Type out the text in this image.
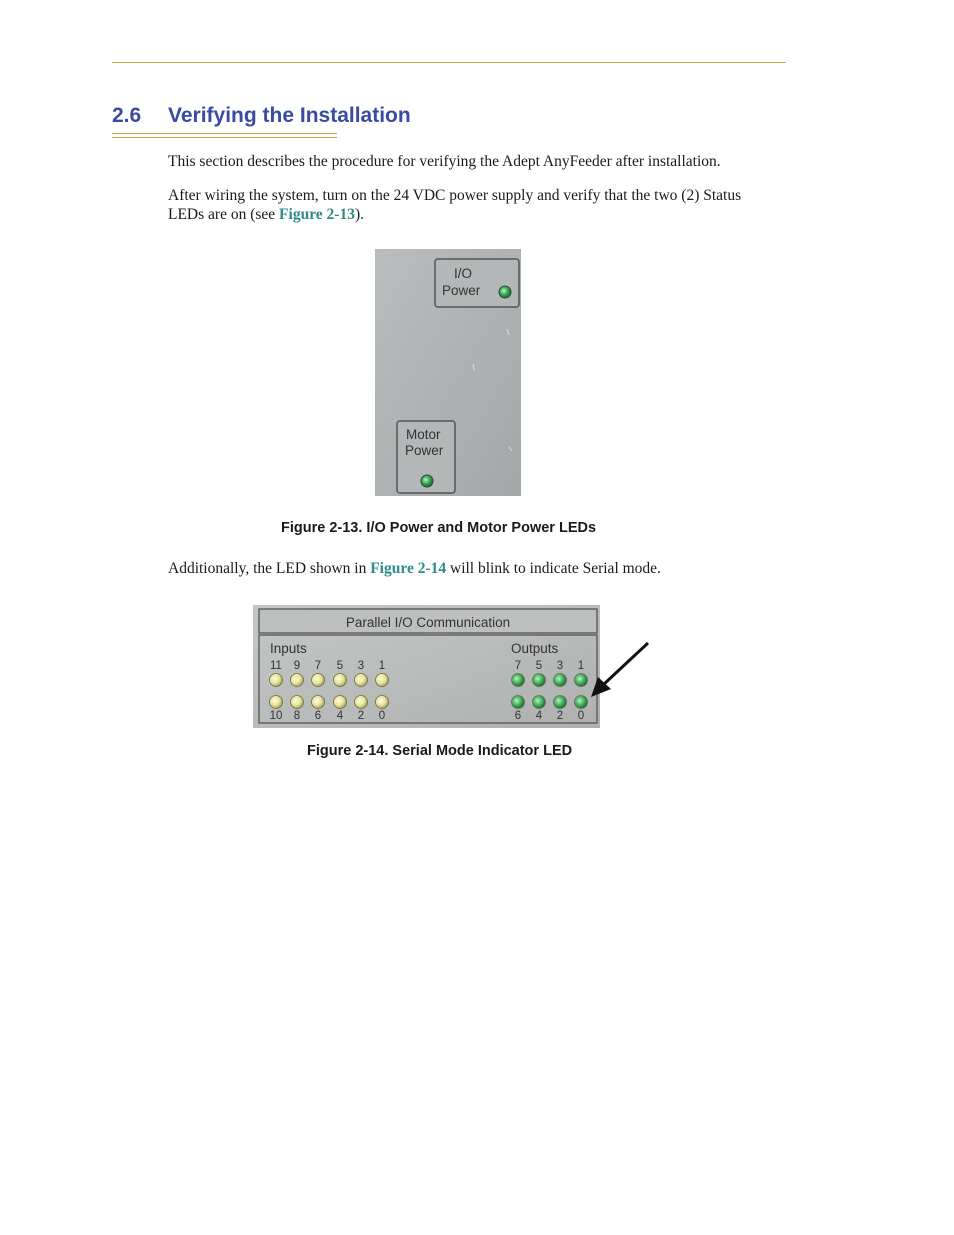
2.6 Verifying the Installation

This section describes the procedure for verifying the Adept AnyFeeder after installation.

After wiring the system, turn on the 24 VDC power supply and verify that the two (2) Status LEDs are on (see Figure 2-13).

I/O
Power
Motor
Power

Figure 2-13. I/O Power and Motor Power LEDs

Additionally, the LED shown in Figure 2-14 will blink to indicate Serial mode.

Parallel I/O Communication
Inputs	Outputs
11 9 7 5 3 1
10 8 6 4 2 0
7 5 3 1
6 4 2 0

Figure 2-14. Serial Mode Indicator LED
